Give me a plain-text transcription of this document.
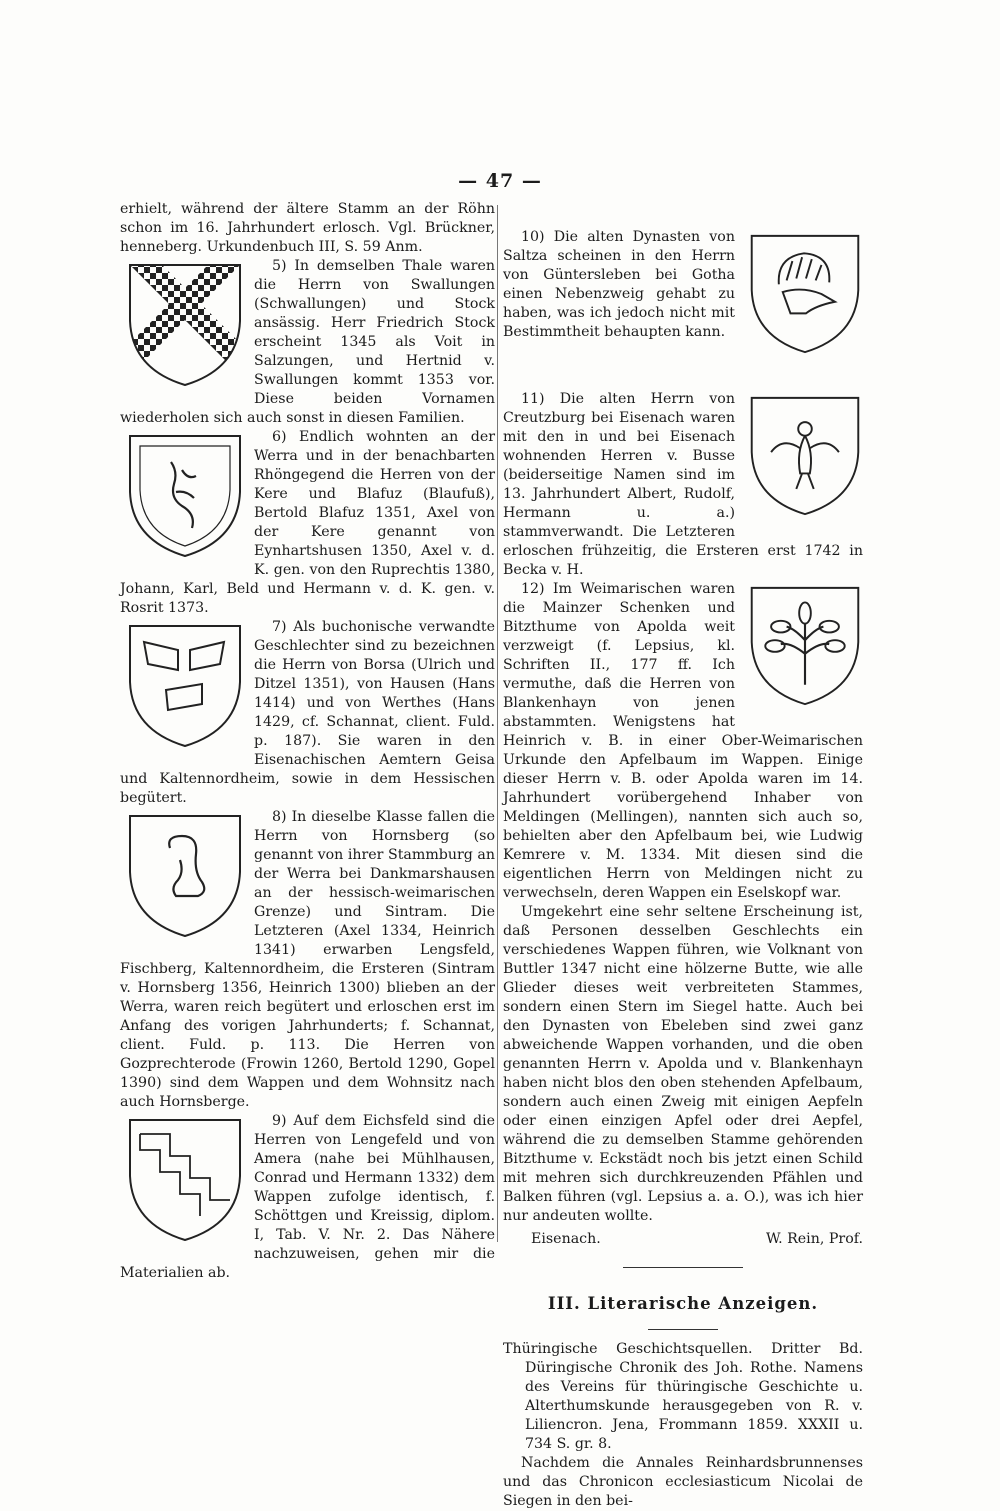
— 47 —

erhielt, während der ältere Stamm an der Röhn schon im 16. Jahrhundert erlosch. Vgl. Brückner, henneberg. Urkundenbuch III, S. 59 Anm.

5) In demselben Thale waren die Herrn von Swallungen (Schwallungen) und Stock ansässig. Herr Friedrich Stock erscheint 1345 als Voit in Salzungen, und Hertnid v. Swallungen kommt 1353 vor. Diese beiden Vornamen wiederholen sich auch sonst in diesen Familien.

6) Endlich wohnten an der Werra und in der benachbarten Rhöngegend die Herren von der Kere und Blafuz (Blaufuß), Bertold Blafuz 1351, Axel von der Kere genannt von Eynhartshusen 1350, Axel v. d. K. gen. von den Ruprechtis 1380, Johann, Karl, Beld und Hermann v. d. K. gen. v. Rosrit 1373.

7) Als buchonische verwandte Geschlechter sind zu bezeichnen die Herrn von Borsa (Ulrich und Ditzel 1351), von Hausen (Hans 1414) und von Werthes (Hans 1429, cf. Schannat, client. Fuld. p. 187). Sie waren in den Eisenachischen Aemtern Geisa und Kaltennordheim, sowie in dem Hessischen begütert.

8) In dieselbe Klasse fallen die Herrn von Hornsberg (so genannt von ihrer Stammburg an der Werra bei Dankmarshausen an der hessisch-weimarischen Grenze) und Sintram. Die Letzteren (Axel 1334, Heinrich 1341) erwarben Lengsfeld, Fischberg, Kaltennordheim, die Ersteren (Sintram v. Hornsberg 1356, Heinrich 1300) blieben an der Werra, waren reich begütert und erloschen erst im Anfang des vorigen Jahrhunderts; f. Schannat, client. Fuld. p. 113. Die Herren von Gozprechterode (Frowin 1260, Bertold 1290, Gopel 1390) sind dem Wappen und dem Wohnsitz nach auch Hornsberge.

9) Auf dem Eichsfeld sind die Herren von Lengefeld und von Amera (nahe bei Mühlhausen, Conrad und Hermann 1332) dem Wappen zufolge identisch, f. Schöttgen und Kreissig, diplom. I, Tab. V. Nr. 2. Das Nähere nachzuweisen, gehen mir die Materialien ab.

10) Die alten Dynasten von Saltza scheinen in den Herrn von Güntersleben bei Gotha einen Nebenzweig gehabt zu haben, was ich jedoch nicht mit Bestimmtheit behaupten kann.

11) Die alten Herrn von Creutzburg bei Eisenach waren mit den in und bei Eisenach wohnenden Herren v. Busse (beiderseitige Namen sind im 13. Jahrhundert Albert, Rudolf, Hermann u. a.) stammverwandt. Die Letzteren erloschen frühzeitig, die Ersteren erst 1742 in Becka v. H.

12) Im Weimarischen waren die Mainzer Schenken und Bitzthume von Apolda weit verzweigt (f. Lepsius, kl. Schriften II., 177 ff. Ich vermuthe, daß die Herren von Blankenhayn von jenen abstammten. Wenigstens hat Heinrich v. B. in einer Ober-Weimarischen Urkunde den Apfelbaum im Wappen. Einige dieser Herrn v. B. oder Apolda waren im 14. Jahrhundert vorübergehend Inhaber von Meldingen (Mellingen), nannten sich auch so, behielten aber den Apfelbaum bei, wie Ludwig Kemrere v. M. 1334. Mit diesen sind die eigentlichen Herrn von Meldingen nicht zu verwechseln, deren Wappen ein Eselskopf war.

Umgekehrt eine sehr seltene Erscheinung ist, daß Personen desselben Geschlechts ein verschiedenes Wappen führen, wie Volknant von Buttler 1347 nicht eine hölzerne Butte, wie alle Glieder dieses weit verbreiteten Stammes, sondern einen Stern im Siegel hatte. Auch bei den Dynasten von Ebeleben sind zwei ganz abweichende Wappen vorhanden, und die oben genannten Herrn v. Apolda und v. Blankenhayn haben nicht blos den oben stehenden Apfelbaum, sondern auch einen Zweig mit einigen Aepfeln oder einen einzigen Apfel oder drei Aepfel, während die zu demselben Stamme gehörenden Bitzthume v. Eckstädt noch bis jetzt einen Schild mit mehren sich durchkreuzenden Pfählen und Balken führen (vgl. Lepsius a. a. O.), was ich hier nur andeuten wollte.

Eisenach.	W. Rein, Prof.
III. Literarische Anzeigen.

Thüringische Geschichtsquellen. Dritter Bd. Düringische Chronik des Joh. Rothe. Namens des Vereins für thüringische Geschichte u. Alterthumskunde herausgegeben von R. v. Liliencron. Jena, Frommann 1859. XXXII u. 734 S. gr. 8.

Nachdem die Annales Reinhardsbrunnenses und das Chronicon ecclesiasticum Nicolai de Siegen in den bei-
